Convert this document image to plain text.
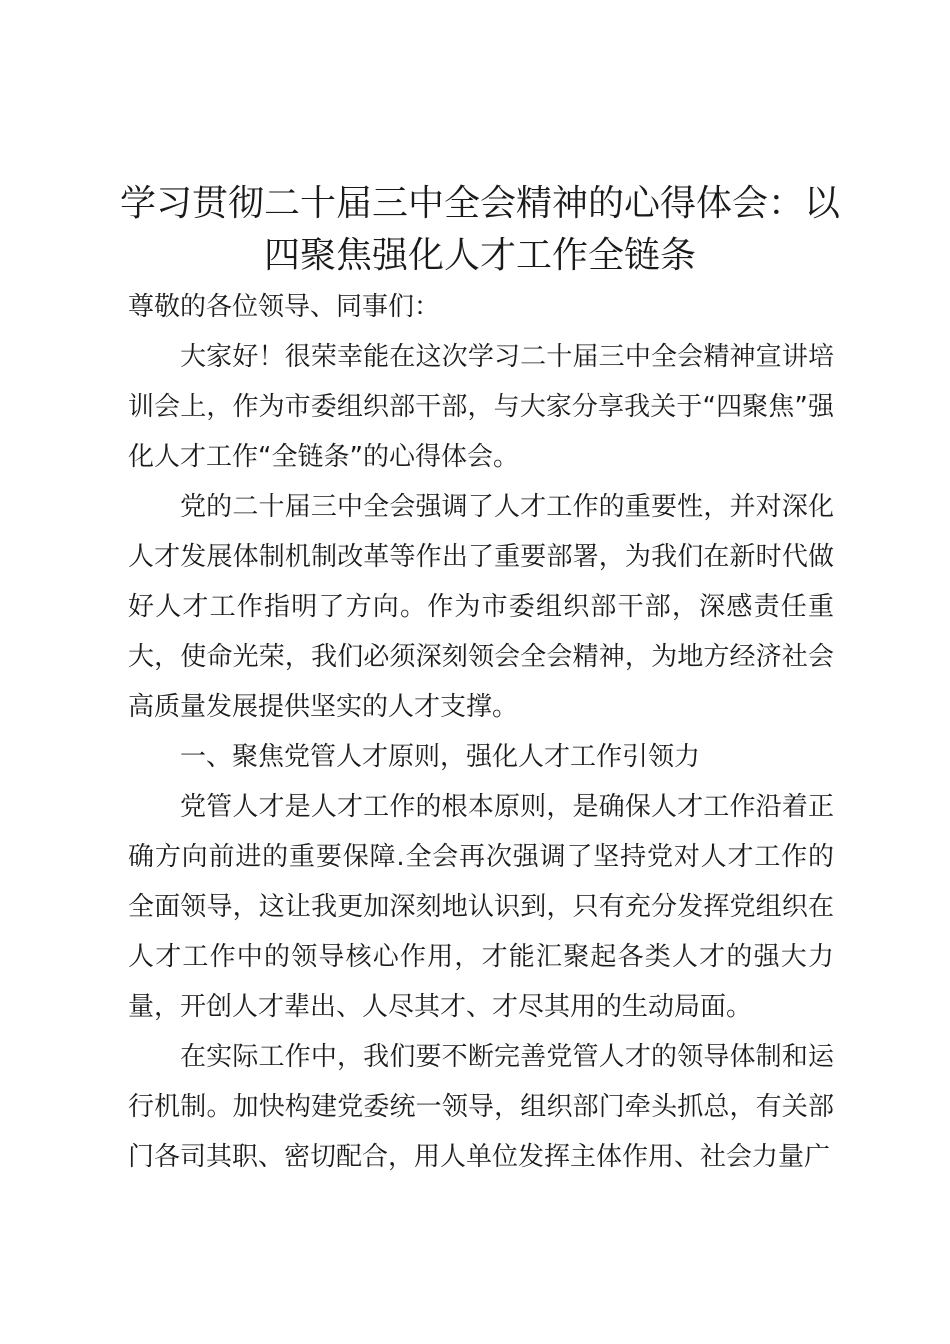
学习贯彻二十届三中全会精神的心得体会：以
四聚焦强化人才工作全链条

尊敬的各位领导、同事们：

大家好！很荣幸能在这次学习二十届三中全会精神宣讲培训会上，作为市委组织部干部，与大家分享我关于“四聚焦”强化人才工作“全链条”的心得体会。

党的二十届三中全会强调了人才工作的重要性，并对深化人才发展体制机制改革等作出了重要部署，为我们在新时代做好人才工作指明了方向。作为市委组织部干部，深感责任重大，使命光荣，我们必须深刻领会全会精神，为地方经济社会高质量发展提供坚实的人才支撑。

一、聚焦党管人才原则，强化人才工作引领力

党管人才是人才工作的根本原则，是确保人才工作沿着正确方向前进的重要保障.全会再次强调了坚持党对人才工作的全面领导，这让我更加深刻地认识到，只有充分发挥党组织在人才工作中的领导核心作用，才能汇聚起各类人才的强大力量，开创人才辈出、人尽其才、才尽其用的生动局面。

在实际工作中，我们要不断完善党管人才的领导体制和运行机制。加快构建党委统一领导，组织部门牵头抓总，有关部门各司其职、密切配合，用人单位发挥主体作用、社会力量广
